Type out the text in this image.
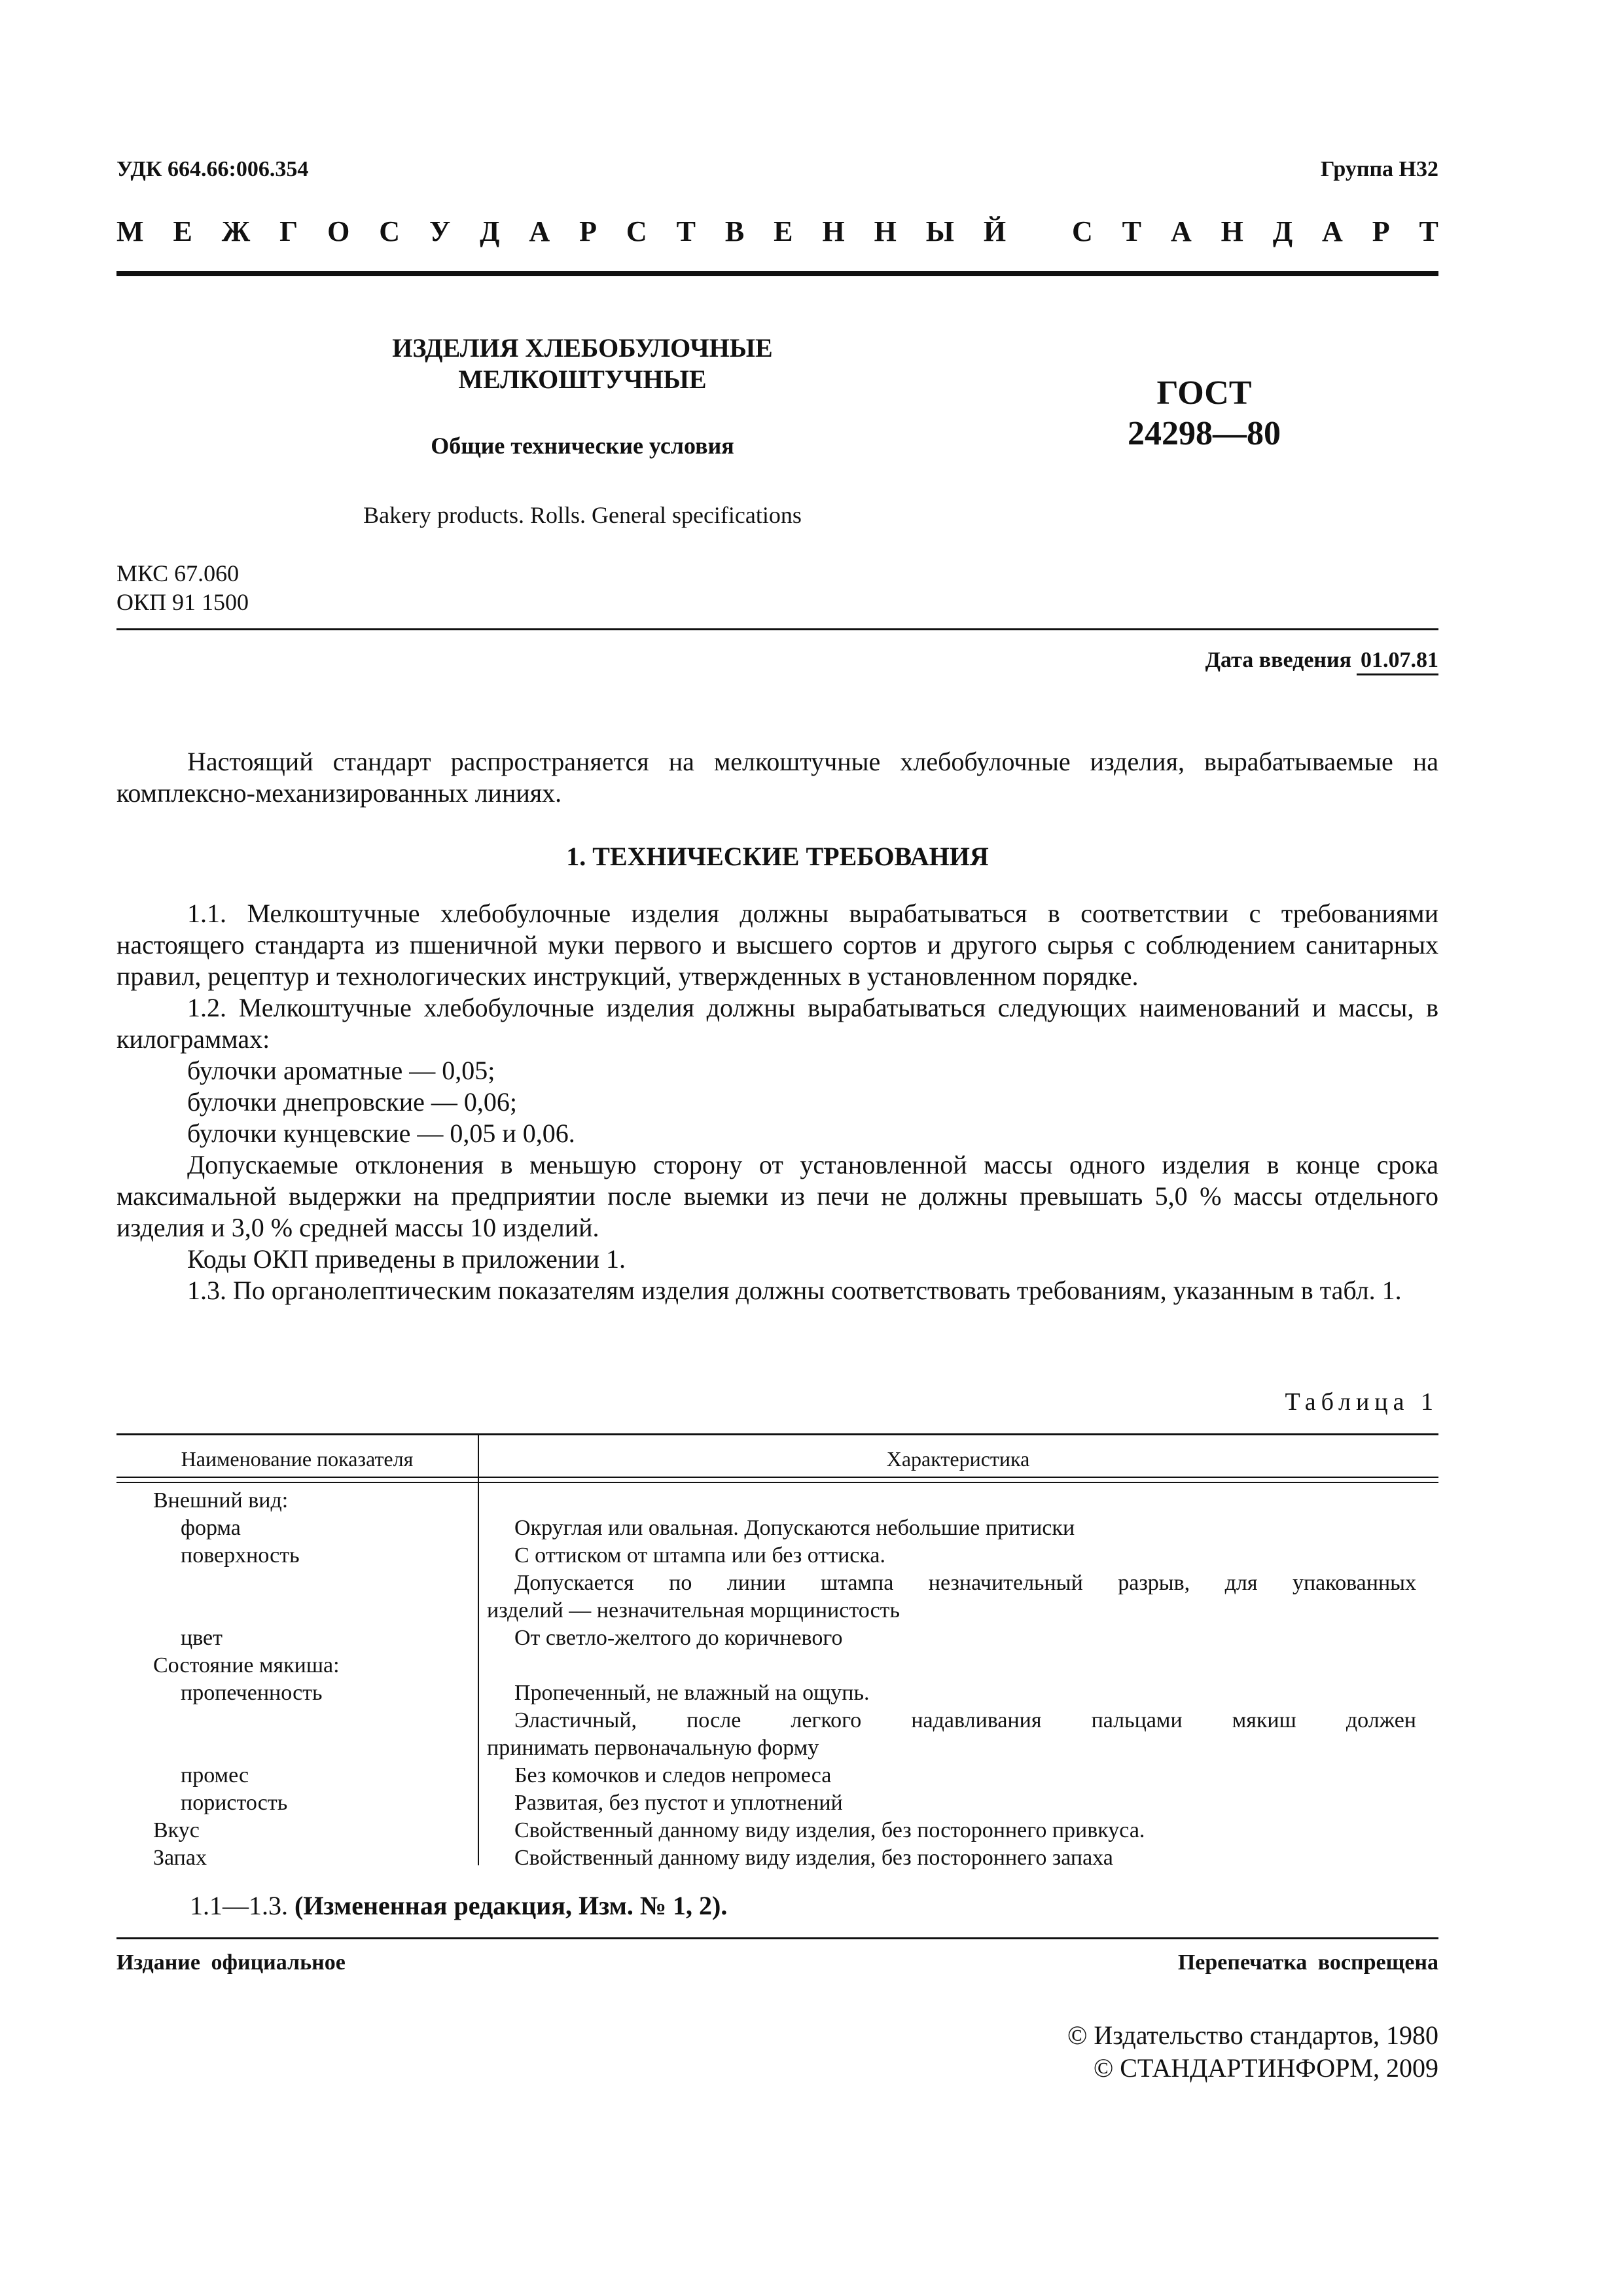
УДК 664.66:006.354	Группа Н32
М Е Ж Г О С У Д А Р С Т В Е Н Н Ы Й
С Т А Н Д А Р Т
ИЗДЕЛИЯ ХЛЕБОБУЛОЧНЫЕ
МЕЛКОШТУЧНЫЕ
Общие технические условия
Bakery products. Rolls. General specifications
ГОСТ
24298—80
МКС 67.060
ОКП 91 1500
Дата введения 01.07.81

Настоящий стандарт распространяется на мелкоштучные хлебобулочные изделия, вырабатываемые на комплексно-механизированных линиях.

1. ТЕХНИЧЕСКИЕ ТРЕБОВАНИЯ

1.1. Мелкоштучные хлебобулочные изделия должны вырабатываться в соответствии с требованиями настоящего стандарта из пшеничной муки первого и высшего сортов и другого сырья с соблюдением санитарных правил, рецептур и технологических инструкций, утвержденных в установленном порядке.

1.2. Мелкоштучные хлебобулочные изделия должны вырабатываться следующих наименований и массы, в килограммах:

булочки ароматные — 0,05;
булочки днепровские — 0,06;
булочки кунцевские — 0,05 и 0,06.

Допускаемые отклонения в меньшую сторону от установленной массы одного изделия в конце срока максимальной выдержки на предприятии после выемки из печи не должны превышать 5,0 % массы отдельного изделия и 3,0 % средней массы 10 изделий.

Коды ОКП приведены в приложении 1.

1.3. По органолептическим показателям изделия должны соответствовать требованиям, указанным в табл. 1.

Таблица 1
Наименование показателя	Характеристика
Внешний вид:
форма	Округлая или овальная. Допускаются небольшие притиски
поверхность	С оттиском от штампа или без оттиска.
Допускается по линии штампа незначительный разрыв, для упакованных
изделий — незначительная морщинистость
цвет	От светло-желтого до коричневого
Состояние мякиша:
пропеченность	Пропеченный, не влажный на ощупь.
Эластичный, после легкого надавливания пальцами мякиш должен
принимать первоначальную форму
промес	Без комочков и следов непромеса
пористость	Развитая, без пустот и уплотнений
Вкус	Свойственный данному виду изделия, без постороннего привкуса.
Запах	Свойственный данному виду изделия, без постороннего запаха
1.1—1.3. (Измененная редакция, Изм. № 1, 2).
Издание официальное	Перепечатка воспрещена
© Издательство стандартов, 1980
© СТАНДАРТИНФОРМ, 2009
